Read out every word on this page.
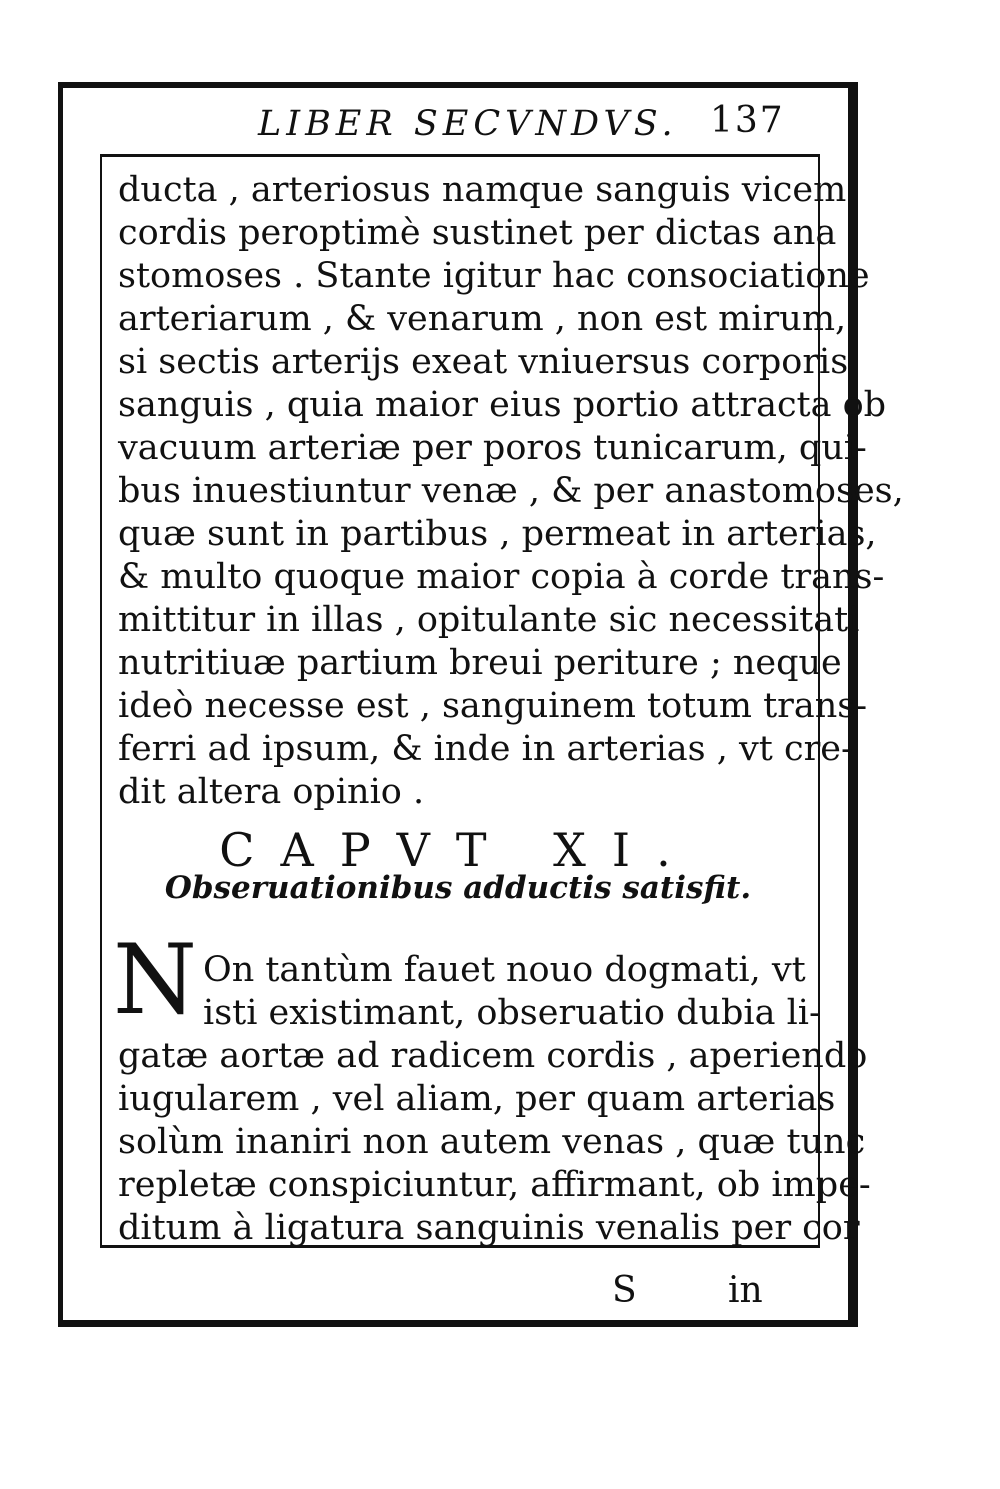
LIBER SECVNDVS. 137
ducta , arteriosus namque sanguis vicem
cordis peroptimè sustinet per dictas ana
stomoses . Stante igitur hac consociatione
arteriarum , & venarum , non est mirum,
si sectis arterijs exeat vniuersus corporis
sanguis , quia maior eius portio attracta ob
vacuum arteriæ per poros tunicarum, qui-
bus inuestiuntur venæ , & per anastomoses,
quæ sunt in partibus , permeat in arterias,
& multo quoque maior copia à corde trans-
mittitur in illas , opitulante sic necessitati
nutritiuæ partium breui periture ; neque
ideò necesse est , sanguinem totum trans-
ferri ad ipsum, & inde in arterias , vt cre-
dit altera opinio .
CAPVT XI.
Obseruationibus adductis satisfit.
N On tantùm fauet nouo dogmati, vt
isti existimant, obseruatio dubia li-
gatæ aortæ ad radicem cordis , aperiendo
iugularem , vel aliam, per quam arterias
solùm inaniri non autem venas , quæ tunc
repletæ conspiciuntur, affirmant, ob impe-
ditum à ligatura sanguinis venalis per cor
S	in
